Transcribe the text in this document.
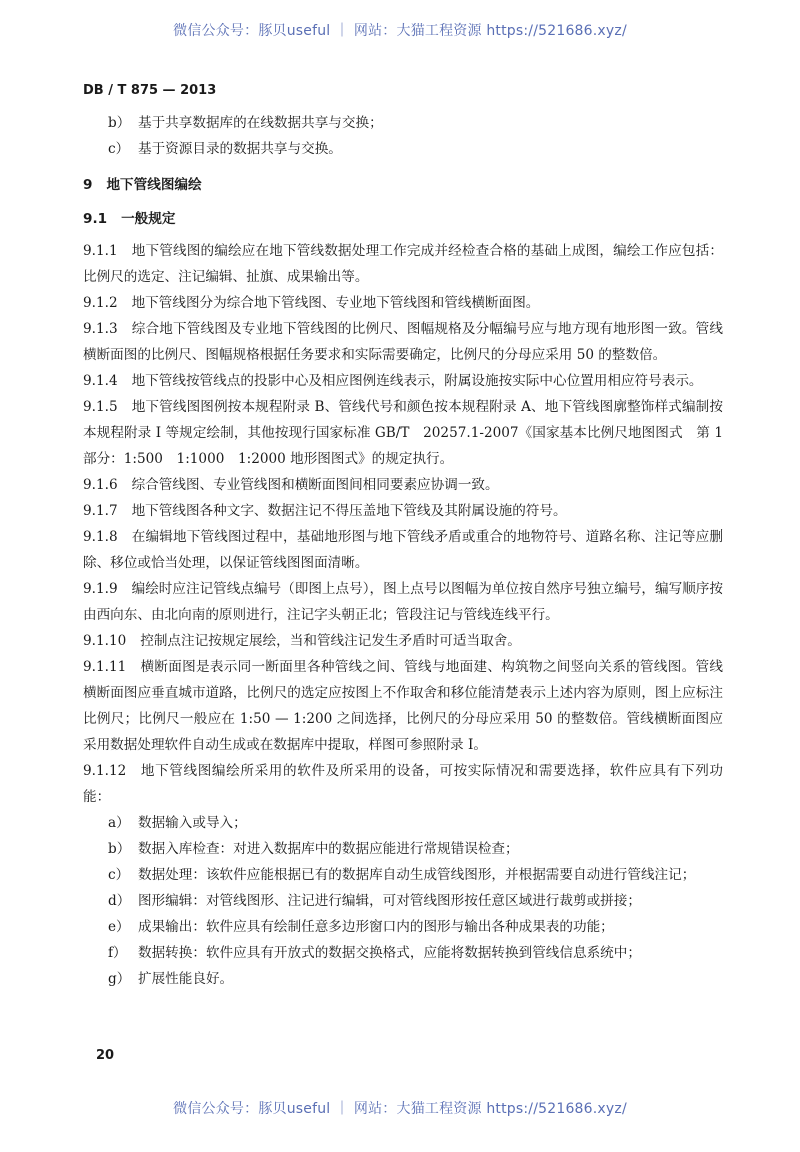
微信公众号：豚贝useful ｜ 网站：大猫工程资源 https://521686.xyz/
DB / T 875 — 2013
b） 基于共享数据库的在线数据共享与交换；
c） 基于资源目录的数据共享与交换。
9 地下管线图编绘
9.1 一般规定

9.1.1 地下管线图的编绘应在地下管线数据处理工作完成并经检查合格的基础上成图，编绘工作应包括：比例尺的选定、注记编辑、扯旗、成果输出等。

9.1.2 地下管线图分为综合地下管线图、专业地下管线图和管线横断面图。

9.1.3 综合地下管线图及专业地下管线图的比例尺、图幅规格及分幅编号应与地方现有地形图一致。管线横断面图的比例尺、图幅规格根据任务要求和实际需要确定，比例尺的分母应采用 50 的整数倍。

9.1.4 地下管线按管线点的投影中心及相应图例连线表示，附属设施按实际中心位置用相应符号表示。

9.1.5 地下管线图图例按本规程附录 B、管线代号和颜色按本规程附录 A、地下管线图廓整饰样式编制按本规程附录 I 等规定绘制，其他按现行国家标准 GB/T　20257.1-2007《国家基本比例尺地图图式　第 1 部分：1:500　1:1000　1:2000 地形图图式》的规定执行。

9.1.6 综合管线图、专业管线图和横断面图间相同要素应协调一致。

9.1.7 地下管线图各种文字、数据注记不得压盖地下管线及其附属设施的符号。

9.1.8 在编辑地下管线图过程中，基础地形图与地下管线矛盾或重合的地物符号、道路名称、注记等应删除、移位或恰当处理，以保证管线图图面清晰。

9.1.9 编绘时应注记管线点编号（即图上点号），图上点号以图幅为单位按自然序号独立编号，编写顺序按由西向东、由北向南的原则进行，注记字头朝正北；管段注记与管线连线平行。

9.1.10 控制点注记按规定展绘，当和管线注记发生矛盾时可适当取舍。

9.1.11 横断面图是表示同一断面里各种管线之间、管线与地面建、构筑物之间竖向关系的管线图。管线横断面图应垂直城市道路，比例尺的选定应按图上不作取舍和移位能清楚表示上述内容为原则，图上应标注比例尺；比例尺一般应在 1:50 — 1:200 之间选择，比例尺的分母应采用 50 的整数倍。管线横断面图应采用数据处理软件自动生成或在数据库中提取，样图可参照附录 I。

9.1.12 地下管线图编绘所采用的软件及所采用的设备，可按实际情况和需要选择，软件应具有下列功能：

a） 数据输入或导入；
b） 数据入库检查：对进入数据库中的数据应能进行常规错误检查；
c） 数据处理：该软件应能根据已有的数据库自动生成管线图形，并根据需要自动进行管线注记；
d） 图形编辑：对管线图形、注记进行编辑，可对管线图形按任意区域进行裁剪或拼接；
e） 成果输出：软件应具有绘制任意多边形窗口内的图形与输出各种成果表的功能；
f） 数据转换：软件应具有开放式的数据交换格式，应能将数据转换到管线信息系统中；
g） 扩展性能良好。
20
微信公众号：豚贝useful ｜ 网站：大猫工程资源 https://521686.xyz/
